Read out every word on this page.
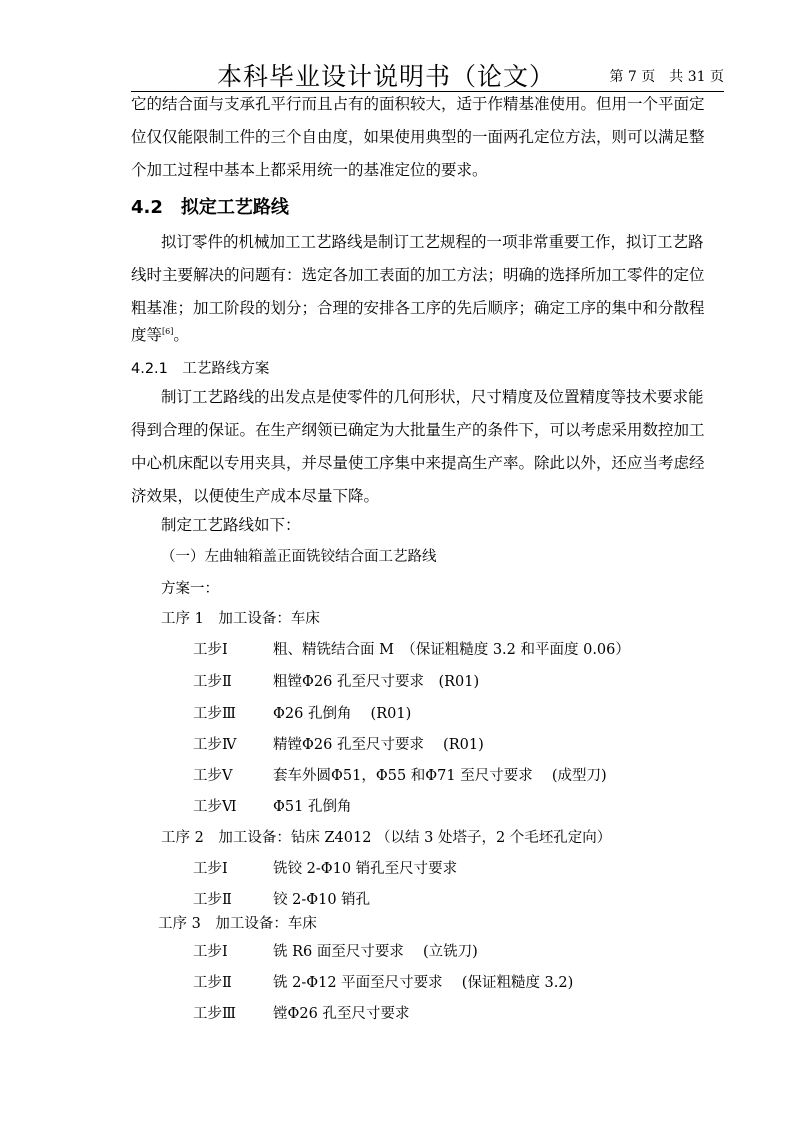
本科毕业设计说明书（论文）	第 7 页　共 31 页
它的结合面与支承孔平行而且占有的面积较大，适于作精基准使用。但用一个平面定
位仅仅能限制工件的三个自由度，如果使用典型的一面两孔定位方法，则可以满足整
个加工过程中基本上都采用统一的基准定位的要求。
4.2　拟定工艺路线
拟订零件的机械加工工艺路线是制订工艺规程的一项非常重要工作，拟订工艺路
线时主要解决的问题有：选定各加工表面的加工方法；明确的选择所加工零件的定位
粗基准；加工阶段的划分；合理的安排各工序的先后顺序；确定工序的集中和分散程
度等[6]。
4.2.1　工艺路线方案
制订工艺路线的出发点是使零件的几何形状，尺寸精度及位置精度等技术要求能
得到合理的保证。在生产纲领已确定为大批量生产的条件下，可以考虑采用数控加工
中心机床配以专用夹具，并尽量使工序集中来提高生产率。除此以外，还应当考虑经
济效果，以便使生产成本尽量下降。
制定工艺路线如下：
（一）左曲轴箱盖正面铣铰结合面工艺路线
方案一：
工序 1　加工设备：车床
工步Ⅰ	粗、精铣结合面 M　（保证粗糙度 3.2 和平面度 0.06）
工步Ⅱ	粗镗Φ26 孔至尺寸要求　(R01)
工步Ⅲ	Φ26 孔倒角　 (R01)
工步Ⅳ	精镗Φ26 孔至尺寸要求　 (R01)
工步Ⅴ	套车外圆Φ51，Φ55 和Φ71 至尺寸要求　 (成型刀)
工步Ⅵ	Φ51 孔倒角
工序 2　加工设备：钻床 Z4012 （以结 3 处塔子，2 个毛坯孔定向）
工步Ⅰ	铣铰 2-Φ10 销孔至尺寸要求
工步Ⅱ	铰 2-Φ10 销孔
工序 3　加工设备：车床
工步Ⅰ	铣 R6 面至尺寸要求　 (立铣刀)
工步Ⅱ	铣 2-Φ12 平面至尺寸要求　 (保证粗糙度 3.2)
工步Ⅲ	镗Φ26 孔至尺寸要求
